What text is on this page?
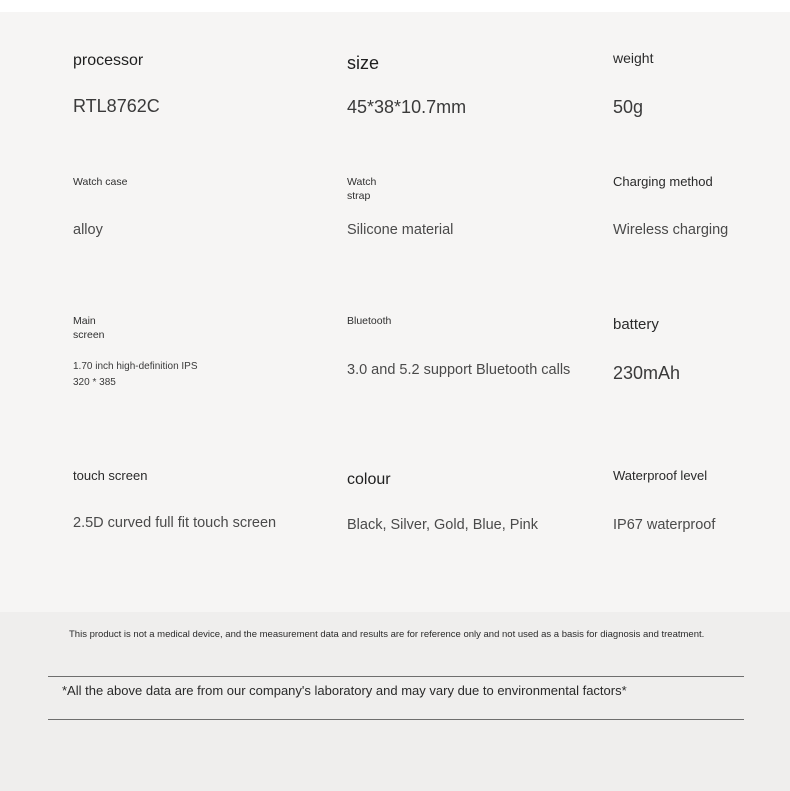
processor
RTL8762C
size
45*38*10.7mm
weight
50g
Watch case
alloy
Watch strap
Silicone material
Charging method
Wireless charging
Main screen
1.70 inch high-definition IPS 320 * 385
Bluetooth
3.0 and 5.2 support Bluetooth calls
battery
230mAh
touch screen
2.5D curved full fit touch screen
colour
Black, Silver, Gold, Blue, Pink
Waterproof level
IP67 waterproof
This product is not a medical device, and the measurement data and results are for reference only and not used as a basis for diagnosis and treatment.
*All the above data are from our company's laboratory and may vary due to environmental factors*
